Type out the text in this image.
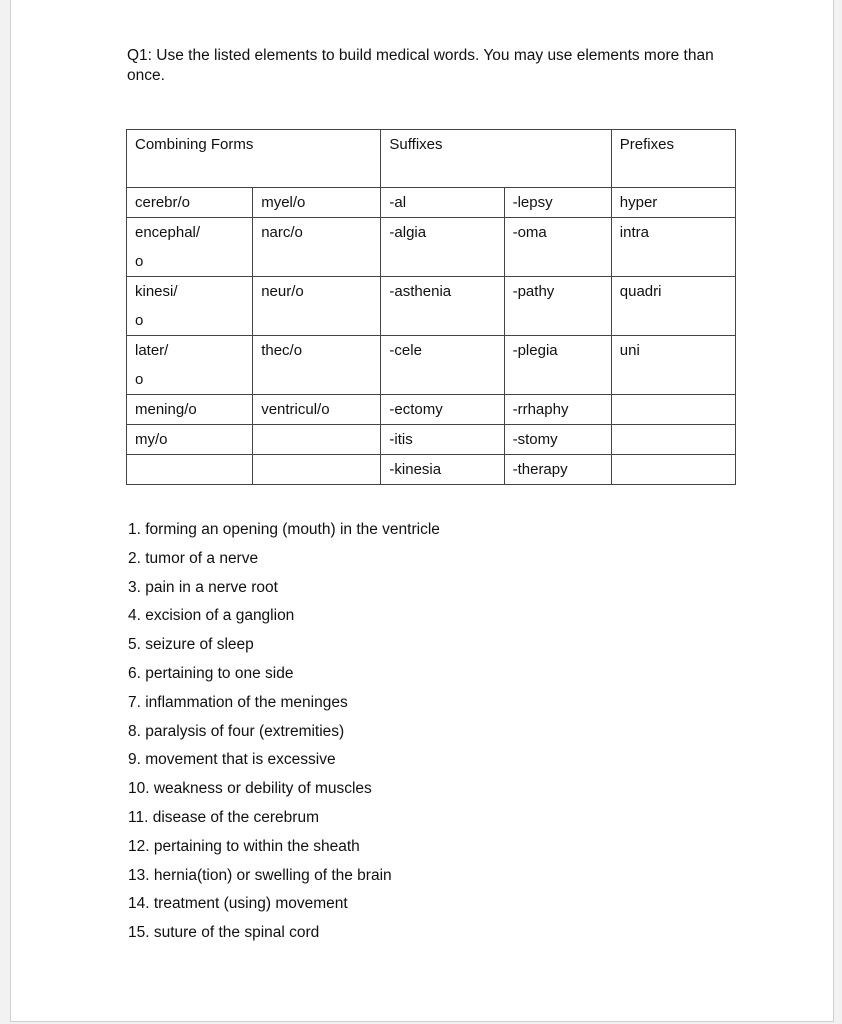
Q1: Use the listed elements to build medical words. You may use elements more than once.
Combining Forms		Suffixes		Prefixes
cerebr/o	myel/o	-al	-lepsy	hyper
encephal/
o	narc/o	-algia	-oma	intra
kinesi/
o	neur/o	-asthenia	-pathy	quadri
later/
o	thec/o	-cele	-plegia	uni
mening/o	ventricul/o	-ectomy	-rrhaphy	
my/o		-itis	-stomy	
		-kinesia	-therapy	
1. forming an opening (mouth) in the ventricle
2. tumor of a nerve
3. pain in a nerve root
4. excision of a ganglion
5. seizure of sleep
6. pertaining to one side
7. inflammation of the meninges
8. paralysis of four (extremities)
9. movement that is excessive
10. weakness or debility of muscles
11. disease of the cerebrum
12. pertaining to within the sheath
13. hernia(tion) or swelling of the brain
14. treatment (using) movement
15. suture of the spinal cord
